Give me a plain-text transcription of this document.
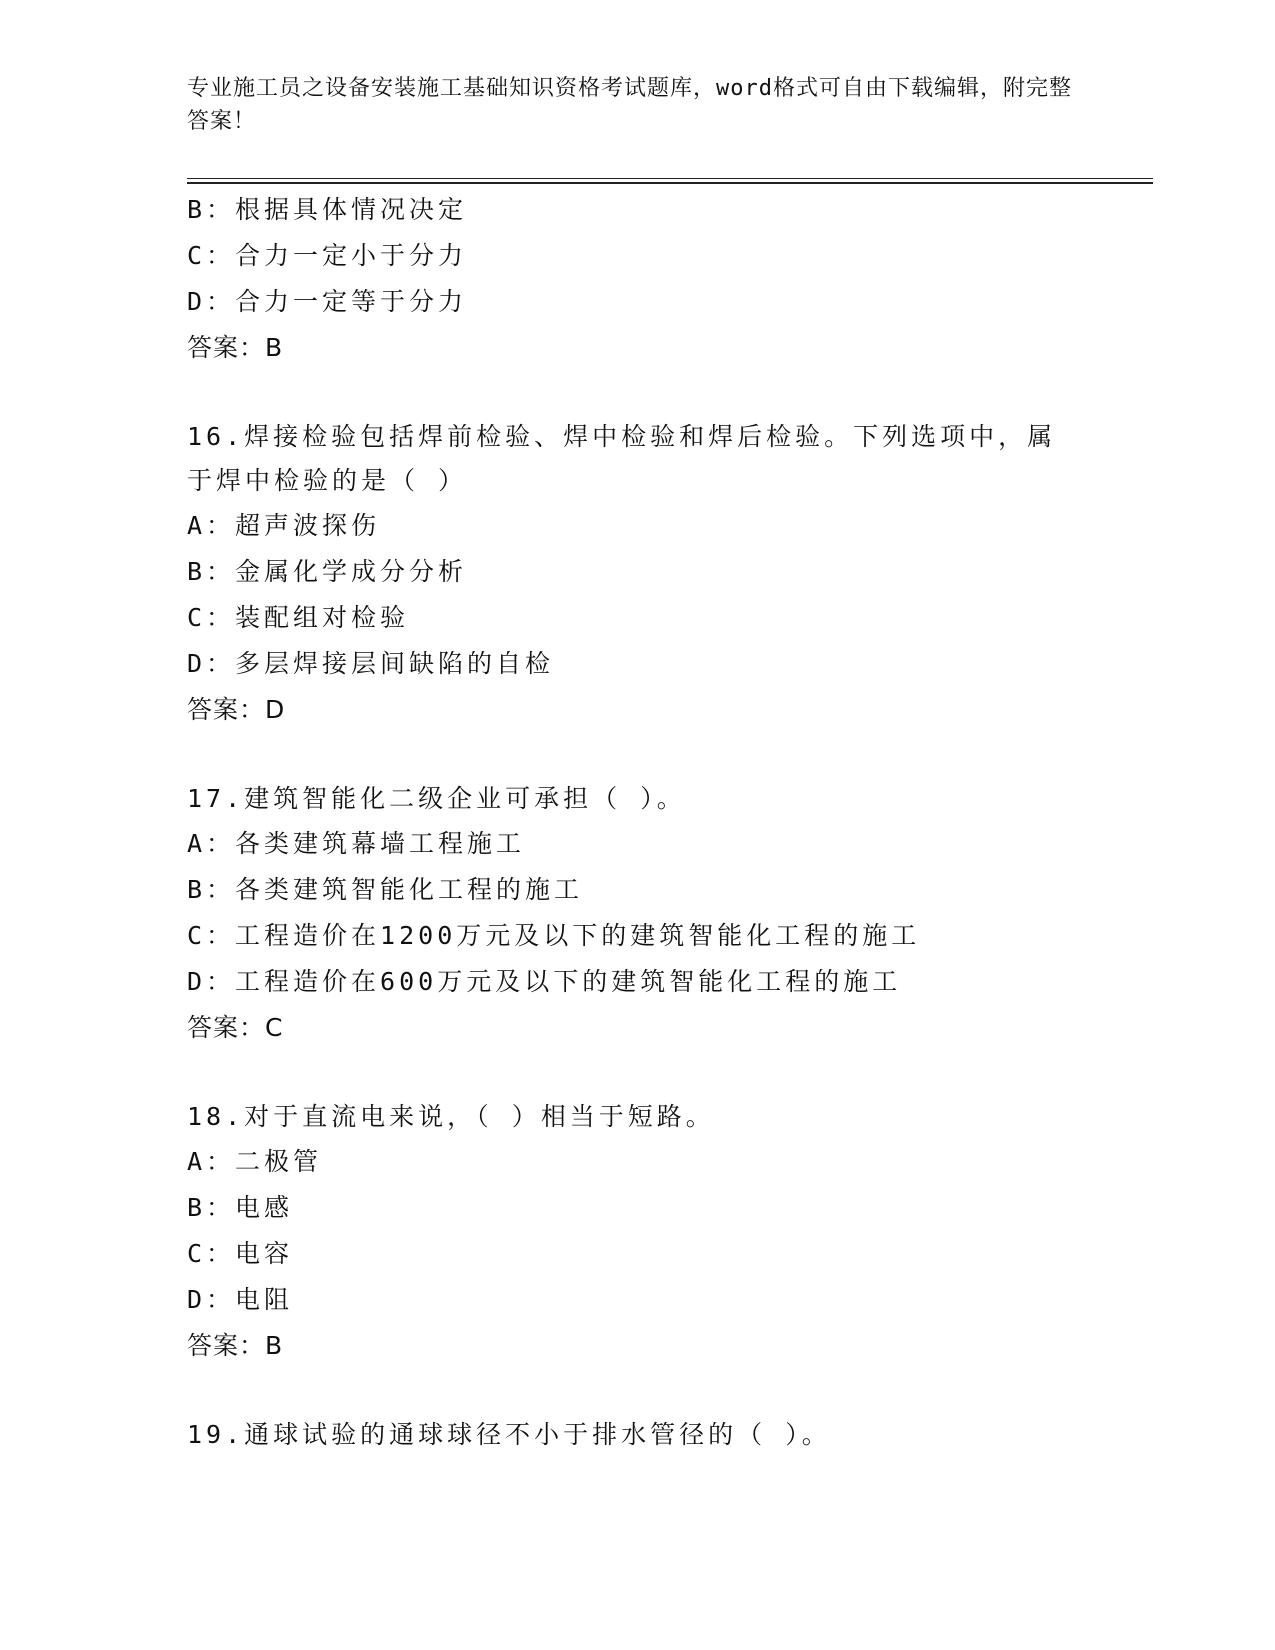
专业施工员之设备安装施工基础知识资格考试题库，word格式可自由下载编辑，附完整答案！
B：根据具体情况决定
C：合力一定小于分力
D：合力一定等于分力
答案：B
16.焊接检验包括焊前检验、焊中检验和焊后检验。下列选项中，属于焊中检验的是（ ）
A：超声波探伤
B：金属化学成分分析
C：装配组对检验
D：多层焊接层间缺陷的自检
答案：D
17.建筑智能化二级企业可承担（ ）。
A：各类建筑幕墙工程施工
B：各类建筑智能化工程的施工
C：工程造价在1200万元及以下的建筑智能化工程的施工
D：工程造价在600万元及以下的建筑智能化工程的施工
答案：C
18.对于直流电来说，（ ）相当于短路。
A：二极管
B：电感
C：电容
D：电阻
答案：B
19.通球试验的通球球径不小于排水管径的（ ）。
